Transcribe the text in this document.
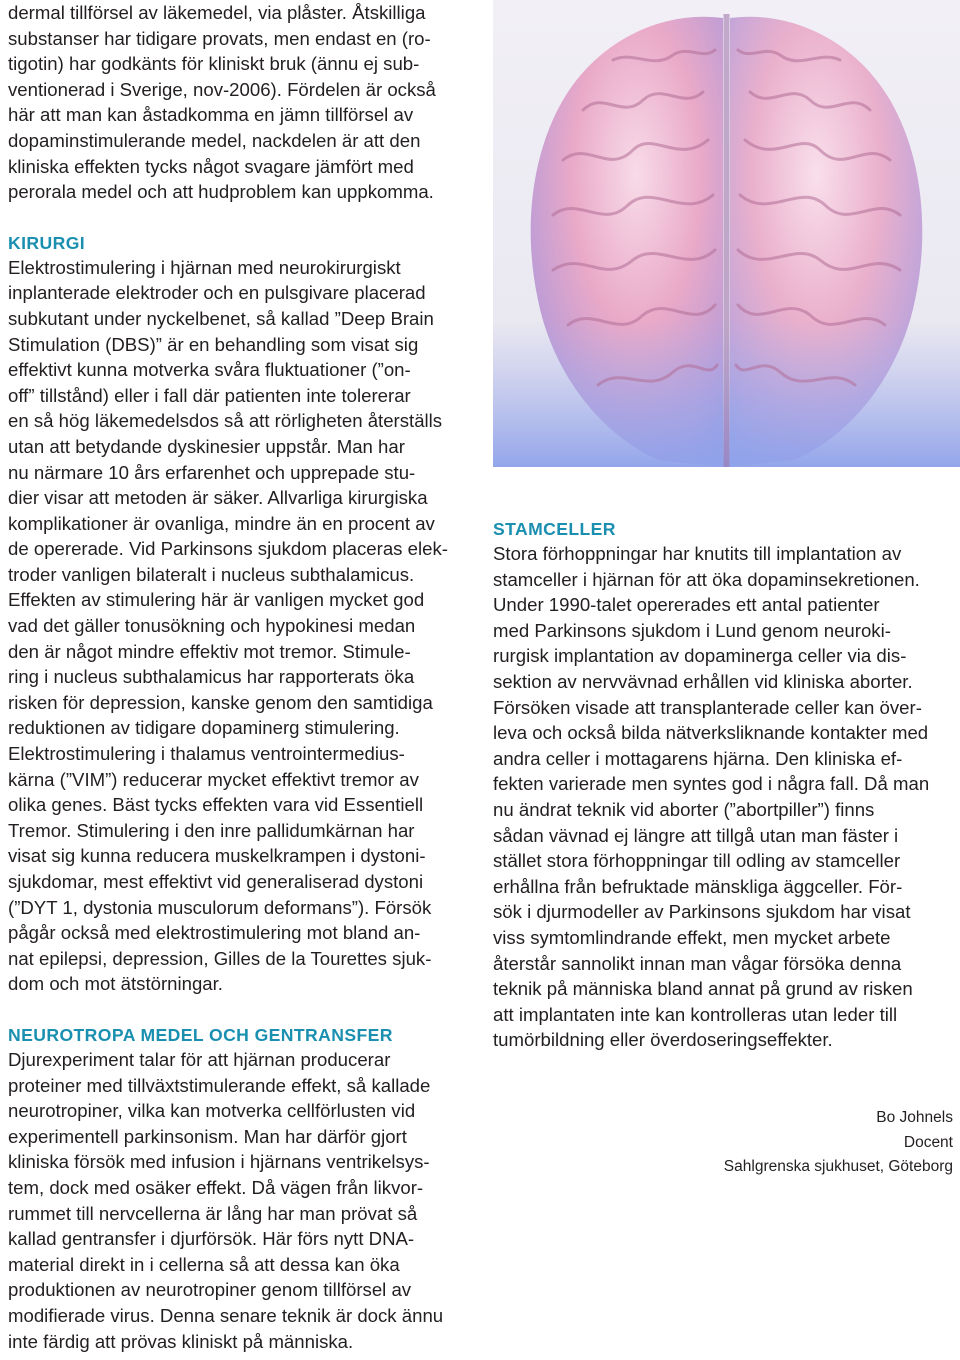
dermal tillförsel av läkemedel, via plåster. Åtskilliga
substanser har tidigare provats, men endast en (ro-
tigotin) har godkänts för kliniskt bruk (ännu ej sub-
ventionerad i Sverige, nov-2006). Fördelen är också
här att man kan åstadkomma en jämn tillförsel av
dopaminstimulerande medel, nackdelen är att den
kliniska effekten tycks något svagare jämfört med
perorala medel och att hudproblem kan uppkomma.

KIRURGI

Elektrostimulering i hjärnan med neurokirurgiskt
inplanterade elektroder och en pulsgivare placerad
subkutant under nyckelbenet, så kallad ”Deep Brain
Stimulation (DBS)” är en behandling som visat sig
effektivt kunna motverka svåra fluktuationer (”on-
off” tillstånd) eller i fall där patienten inte tolererar
en så hög läkemedelsdos så att rörligheten återställs
utan att betydande dyskinesier uppstår. Man har
nu närmare 10 års erfarenhet och upprepade stu-
dier visar att metoden är säker. Allvarliga kirurgiska
komplikationer är ovanliga, mindre än en procent av
de opererade. Vid Parkinsons sjukdom placeras elek-
troder vanligen bilateralt i nucleus subthalamicus.
Effekten av stimulering här är vanligen mycket god
vad det gäller tonusökning och hypokinesi medan
den är något mindre effektiv mot tremor. Stimule-
ring i nucleus subthalamicus har rapporterats öka
risken för depression, kanske genom den samtidiga
reduktionen av tidigare dopaminerg stimulering.
Elektrostimulering i thalamus ventrointermedius-
kärna (”VIM”) reducerar mycket effektivt tremor av
olika genes. Bäst tycks effekten vara vid Essentiell
Tremor. Stimulering i den inre pallidumkärnan har
visat sig kunna reducera muskelkrampen i dystoni-
sjukdomar, mest effektivt vid generaliserad dystoni
(”DYT 1, dystonia musculorum deformans”). Försök
pågår också med elektrostimulering mot bland an-
nat epilepsi, depression, Gilles de la Tourettes sjuk-
dom och mot ätstörningar.

NEUROTROPA MEDEL OCH GENTRANSFER

Djurexperiment talar för att hjärnan producerar
proteiner med tillväxtstimulerande effekt, så kallade
neurotropiner, vilka kan motverka cellförlusten vid
experimentell parkinsonism. Man har därför gjort
kliniska försök med infusion i hjärnans ventrikelsys-
tem, dock med osäker effekt. Då vägen från likvor-
rummet till nervcellerna är lång har man prövat så
kallad gentransfer i djurförsök. Här förs nytt DNA-
material direkt in i cellerna så att dessa kan öka
produktionen av neurotropiner genom tillförsel av
modifierade virus. Denna senare teknik är dock ännu
inte färdig att prövas kliniskt på människa.

STAMCELLER

Stora förhoppningar har knutits till implantation av
stamceller i hjärnan för att öka dopaminsekretionen.
Under 1990-talet opererades ett antal patienter
med Parkinsons sjukdom i Lund genom neuroki-
rurgisk implantation av dopaminerga celler via dis-
sektion av nervvävnad erhållen vid kliniska aborter.
Försöken visade att transplanterade celler kan över-
leva och också bilda nätverksliknande kontakter med
andra celler i mottagarens hjärna. Den kliniska ef-
fekten varierade men syntes god i några fall. Då man
nu ändrat teknik vid aborter (”abortpiller”) finns
sådan vävnad ej längre att tillgå utan man fäster i
stället stora förhoppningar till odling av stamceller
erhållna från befruktade mänskliga äggceller. För-
sök i djurmodeller av Parkinsons sjukdom har visat
viss symtomlindrande effekt, men mycket arbete
återstår sannolikt innan man vågar försöka denna
teknik på människa bland annat på grund av risken
att implantaten inte kan kontrolleras utan leder till
tumörbildning eller överdoseringseffekter.

Bo Johnels
Docent
Sahlgrenska sjukhuset, Göteborg
